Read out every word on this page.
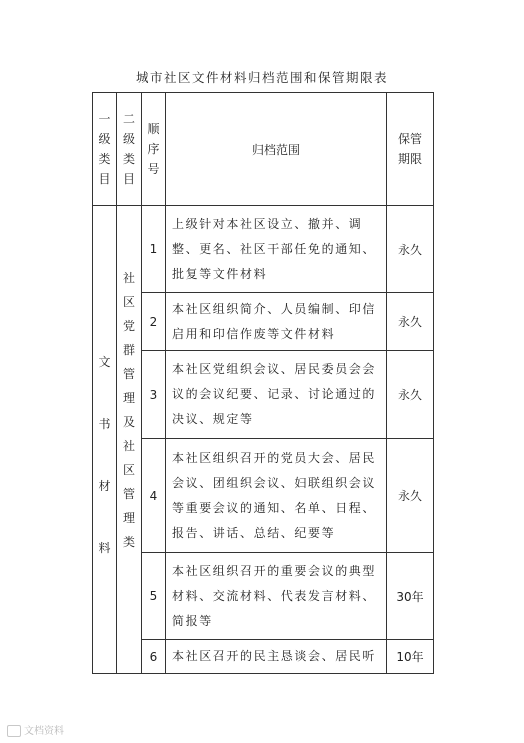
城市社区文件材料归档范围和保管期限表
一级类目	二级类目	顺序号	归档范围	保管期限
文书材料	社区党群管理及社区管理类	1	上级针对本社区设立、撤并、调整、更名、社区干部任免的通知、批复等文件材料	永久
		2	本社区组织简介、人员编制、印信启用和印信作废等文件材料	永久
		3	本社区党组织会议、居民委员会会议的会议纪要、记录、讨论通过的决议、规定等	永久
		4	本社区组织召开的党员大会、居民会议、团组织会议、妇联组织会议等重要会议的通知、名单、日程、报告、讲话、总结、纪要等	永久
		5	本社区组织召开的重要会议的典型材料、交流材料、代表发言材料、简报等	30年
		6	本社区召开的民主恳谈会、居民听	10年
文档资料
